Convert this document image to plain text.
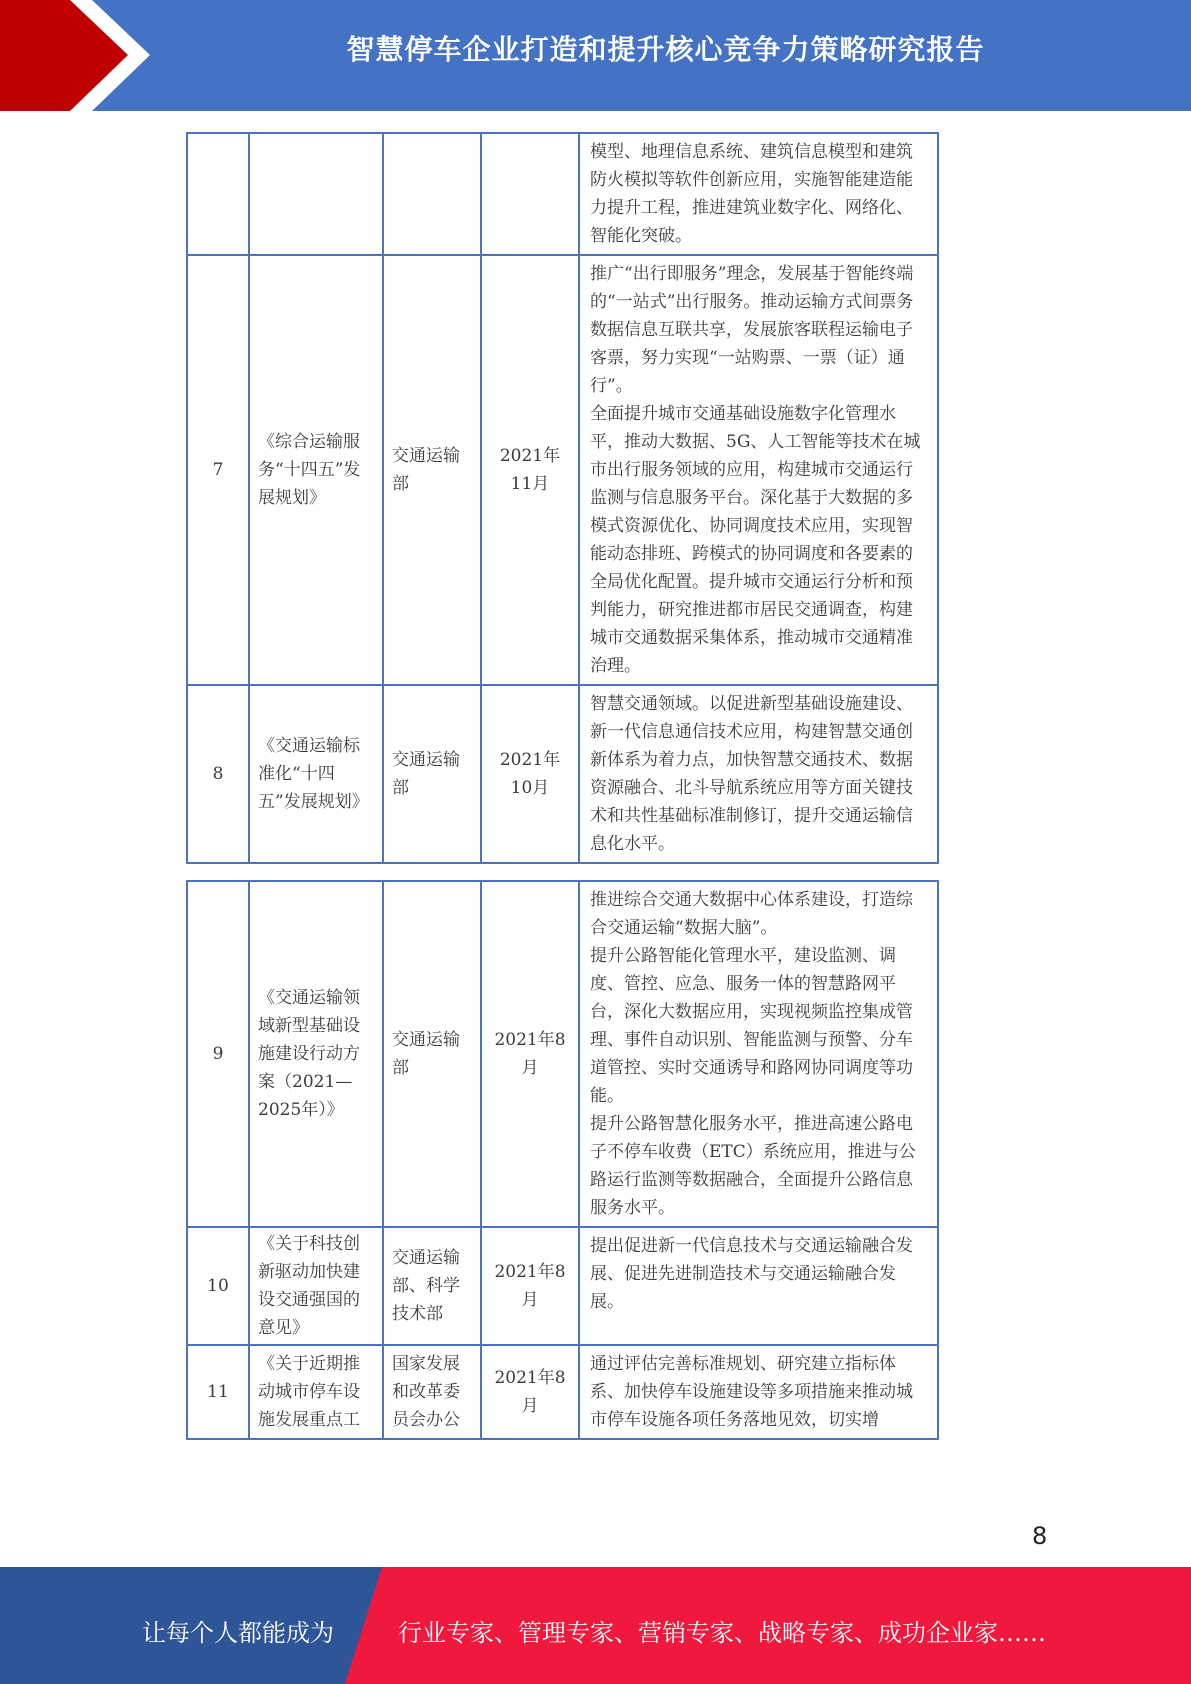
智慧停车企业打造和提升核心竞争力策略研究报告
				模型、地理信息系统、建筑信息模型和建筑防火模拟等软件创新应用，实施智能建造能力提升工程，推进建筑业数字化、网络化、智能化突破。
7	《综合运输服务“十四五”发展规划》	交通运输部	2021年11月	推广“出行即服务”理念，发展基于智能终端的“一站式”出行服务。推动运输方式间票务数据信息互联共享，发展旅客联程运输电子客票，努力实现“一站购票、一票（证）通行”。
全面提升城市交通基础设施数字化管理水平，推动大数据、5G、人工智能等技术在城市出行服务领域的应用，构建城市交通运行监测与信息服务平台。深化基于大数据的多模式资源优化、协同调度技术应用，实现智能动态排班、跨模式的协同调度和各要素的全局优化配置。提升城市交通运行分析和预判能力，研究推进都市居民交通调查，构建城市交通数据采集体系，推动城市交通精准治理。
8	《交通运输标准化“十四五”发展规划》	交通运输部	2021年10月	智慧交通领域。以促进新型基础设施建设、新一代信息通信技术应用，构建智慧交通创新体系为着力点，加快智慧交通技术、数据资源融合、北斗导航系统应用等方面关键技术和共性基础标准制修订，提升交通运输信息化水平。
9	《交通运输领域新型基础设施建设行动方案（2021—2025年）》	交通运输部	2021年8月	推进综合交通大数据中心体系建设，打造综合交通运输“数据大脑”。
提升公路智能化管理水平，建设监测、调度、管控、应急、服务一体的智慧路网平台，深化大数据应用，实现视频监控集成管理、事件自动识别、智能监测与预警、分车道管控、实时交通诱导和路网协同调度等功能。
提升公路智慧化服务水平，推进高速公路电子不停车收费（ETC）系统应用，推进与公路运行监测等数据融合，全面提升公路信息服务水平。
10	《关于科技创新驱动加快建设交通强国的意见》	交通运输部、科学技术部	2021年8月	提出促进新一代信息技术与交通运输融合发展、促进先进制造技术与交通运输融合发展。
11	《关于近期推动城市停车设施发展重点工	国家发展和改革委员会办公	2021年8月	通过评估完善标准规划、研究建立指标体系、加快停车设施建设等多项措施来推动城市停车设施各项任务落地见效，切实增
8
让每个人都能成为	行业专家、管理专家、营销专家、战略专家、成功企业家……
